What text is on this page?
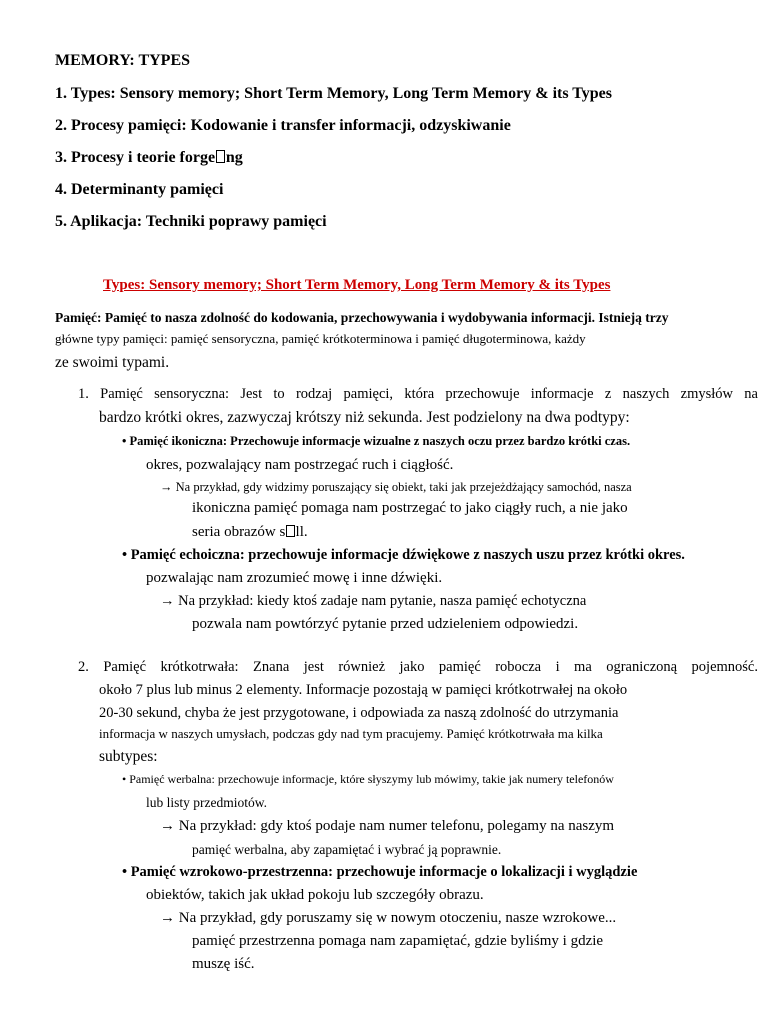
MEMORY: TYPES
1. Types: Sensory memory; Short Term Memory, Long Term Memory & its Types
2. Procesy pamięci: Kodowanie i transfer informacji, odzyskiwanie
3. Procesy i teorie forge ng
4. Determinanty pamięci
5. Aplikacja: Techniki poprawy pamięci
Types: Sensory memory; Short Term Memory, Long Term Memory & its Types
Pamięć: Pamięć to nasza zdolność do kodowania, przechowywania i wydobywania informacji. Istnieją trzy
główne typy pamięci: pamięć sensoryczna, pamięć krótkoterminowa i pamięć długoterminowa, każdy
ze swoimi typami.
1. Pamięć sensoryczna: Jest to rodzaj pamięci, która przechowuje informacje z naszych zmysłów na
bardzo krótki okres, zazwyczaj krótszy niż sekunda. Jest podzielony na dwa podtypy:
• Pamięć ikoniczna: Przechowuje informacje wizualne z naszych oczu przez bardzo krótki czas.
okres, pozwalający nam postrzegać ruch i ciągłość.
→ Na przykład, gdy widzimy poruszający się obiekt, taki jak przejeżdżający samochód, nasza
ikoniczna pamięć pomaga nam postrzegać to jako ciągły ruch, a nie jako
seria obrazów s ll.
• Pamięć echoiczna: przechowuje informacje dźwiękowe z naszych uszu przez krótki okres.
pozwalając nam zrozumieć mowę i inne dźwięki.
→ Na przykład: kiedy ktoś zadaje nam pytanie, nasza pamięć echotyczna
pozwala nam powtórzyć pytanie przed udzieleniem odpowiedzi.
2. Pamięć krótkotrwała: Znana jest również jako pamięć robocza i ma ograniczoną pojemność.
około 7 plus lub minus 2 elementy. Informacje pozostają w pamięci krótkotrwałej na około
20-30 sekund, chyba że jest przygotowane, i odpowiada za naszą zdolność do utrzymania
informacja w naszych umysłach, podczas gdy nad tym pracujemy. Pamięć krótkotrwała ma kilka
subtypes:
• Pamięć werbalna: przechowuje informacje, które słyszymy lub mówimy, takie jak numery telefonów
lub listy przedmiotów.
→ Na przykład: gdy ktoś podaje nam numer telefonu, polegamy na naszym
pamięć werbalna, aby zapamiętać i wybrać ją poprawnie.
• Pamięć wzrokowo-przestrzenna: przechowuje informacje o lokalizacji i wyglądzie
obiektów, takich jak układ pokoju lub szczegóły obrazu.
→ Na przykład, gdy poruszamy się w nowym otoczeniu, nasze wzrokowe...
pamięć przestrzenna pomaga nam zapamiętać, gdzie byliśmy i gdzie
muszę iść.
